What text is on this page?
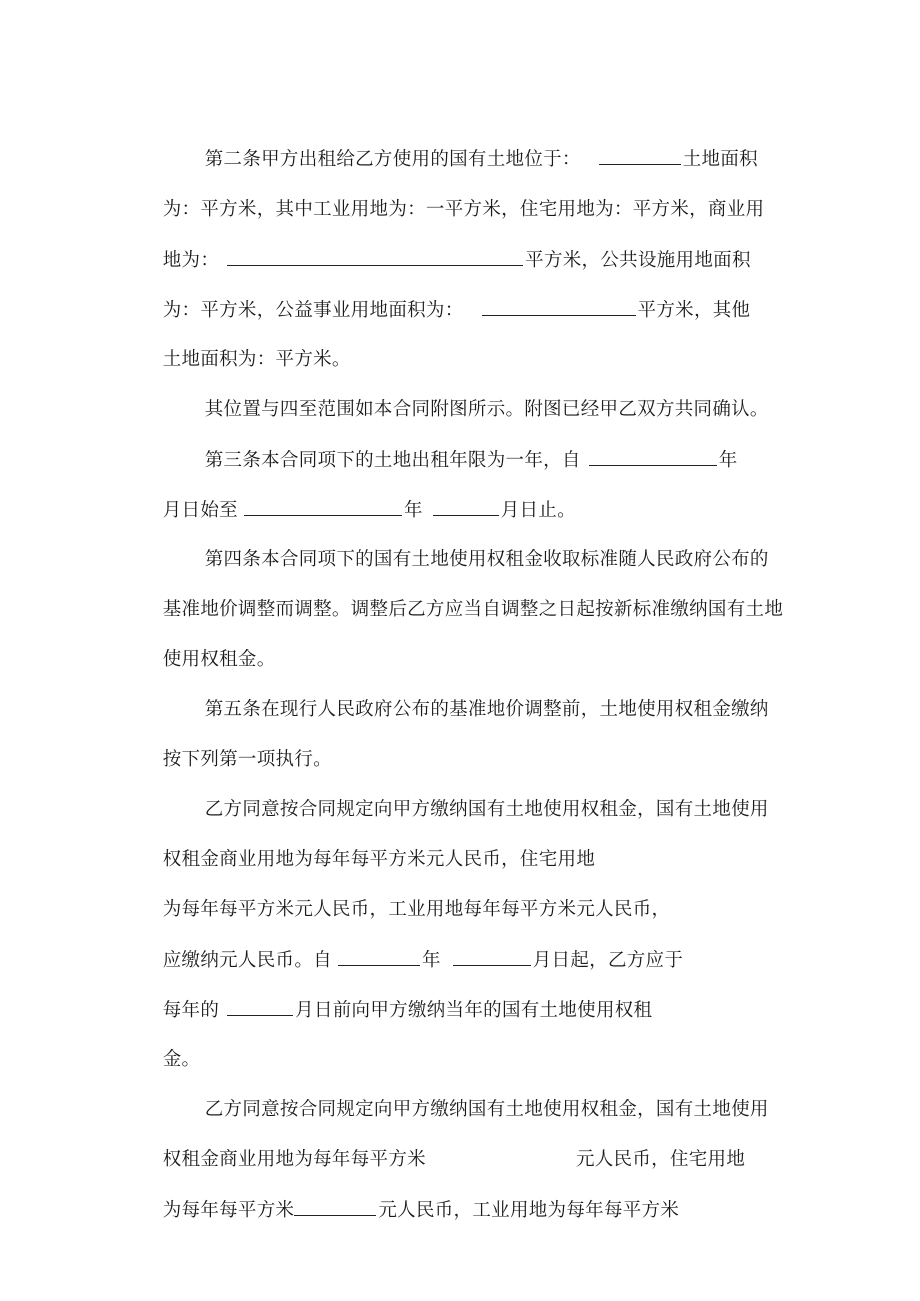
第二条甲方出租给乙方使用的国有土地位于：	土地面积

为：平方米，其中工业用地为：一平方米，住宅用地为：平方米，商业用

地为：	平方米，公共设施用地面积

为：平方米，公益事业用地面积为：	平方米，其他

土地面积为：平方米。

其位置与四至范围如本合同附图所示。附图已经甲乙双方共同确认。

第三条本合同项下的土地出租年限为一年，自	年

月日始至	年	月日止。

第四条本合同项下的国有土地使用权租金收取标准随人民政府公布的

基准地价调整而调整。调整后乙方应当自调整之日起按新标准缴纳国有土地

使用权租金。

第五条在现行人民政府公布的基准地价调整前，土地使用权租金缴纳

按下列第一项执行。

乙方同意按合同规定向甲方缴纳国有土地使用权租金，国有土地使用

权租金商业用地为每年每平方米元人民币，住宅用地

为每年每平方米元人民币，工业用地每年每平方米元人民币，

应缴纳元人民币。自	年	月日起，乙方应于

每年的	月日前向甲方缴纳当年的国有土地使用权租

金。

乙方同意按合同规定向甲方缴纳国有土地使用权租金，国有土地使用

权租金商业用地为每年每平方米	元人民币，住宅用地

为每年每平方米	元人民币，工业用地为每年每平方米
